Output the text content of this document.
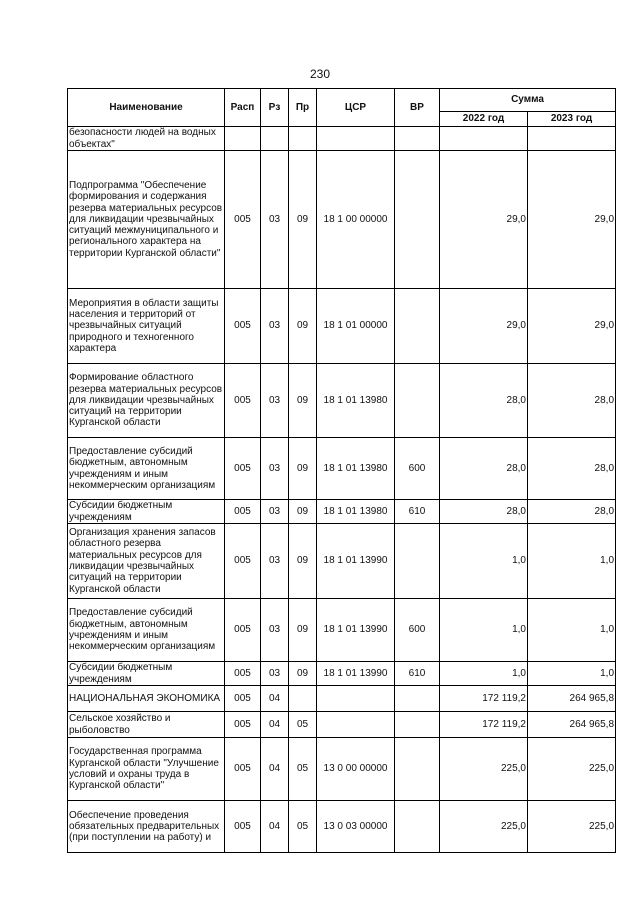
230
Наименование	Расп	Рз	Пр	ЦСР	ВР	Сумма	
						2022 год	2023 год
безопасности людей на водных объектах"							
Подпрограмма "Обеспечение формирования и содержания резерва материальных ресурсов для ликвидации чрезвычайных ситуаций межмуниципального и регионального характера на территории Курганской области"	005	03	09	18 1 00 00000		29,0	29,0
Мероприятия в области защиты населения и территорий от чрезвычайных ситуаций природного и техногенного характера	005	03	09	18 1 01 00000		29,0	29,0
Формирование областного резерва материальных ресурсов для ликвидации чрезвычайных ситуаций на территории Курганской области	005	03	09	18 1 01 13980		28,0	28,0
Предоставление субсидий бюджетным, автономным учреждениям и иным некоммерческим организациям	005	03	09	18 1 01 13980	600	28,0	28,0
Субсидии бюджетным учреждениям	005	03	09	18 1 01 13980	610	28,0	28,0
Организация хранения запасов областного резерва материальных ресурсов для ликвидации чрезвычайных ситуаций на территории Курганской области	005	03	09	18 1 01 13990		1,0	1,0
Предоставление субсидий бюджетным, автономным учреждениям и иным некоммерческим организациям	005	03	09	18 1 01 13990	600	1,0	1,0
Субсидии бюджетным учреждениям	005	03	09	18 1 01 13990	610	1,0	1,0
НАЦИОНАЛЬНАЯ ЭКОНОМИКА	005	04				172 119,2	264 965,8
Сельское хозяйство и рыболовство	005	04	05			172 119,2	264 965,8
Государственная программа Курганской области "Улучшение условий и охраны труда в Курганской области"	005	04	05	13 0 00 00000		225,0	225,0
Обеспечение проведения обязательных предварительных (при поступлении на работу) и	005	04	05	13 0 03 00000		225,0	225,0
